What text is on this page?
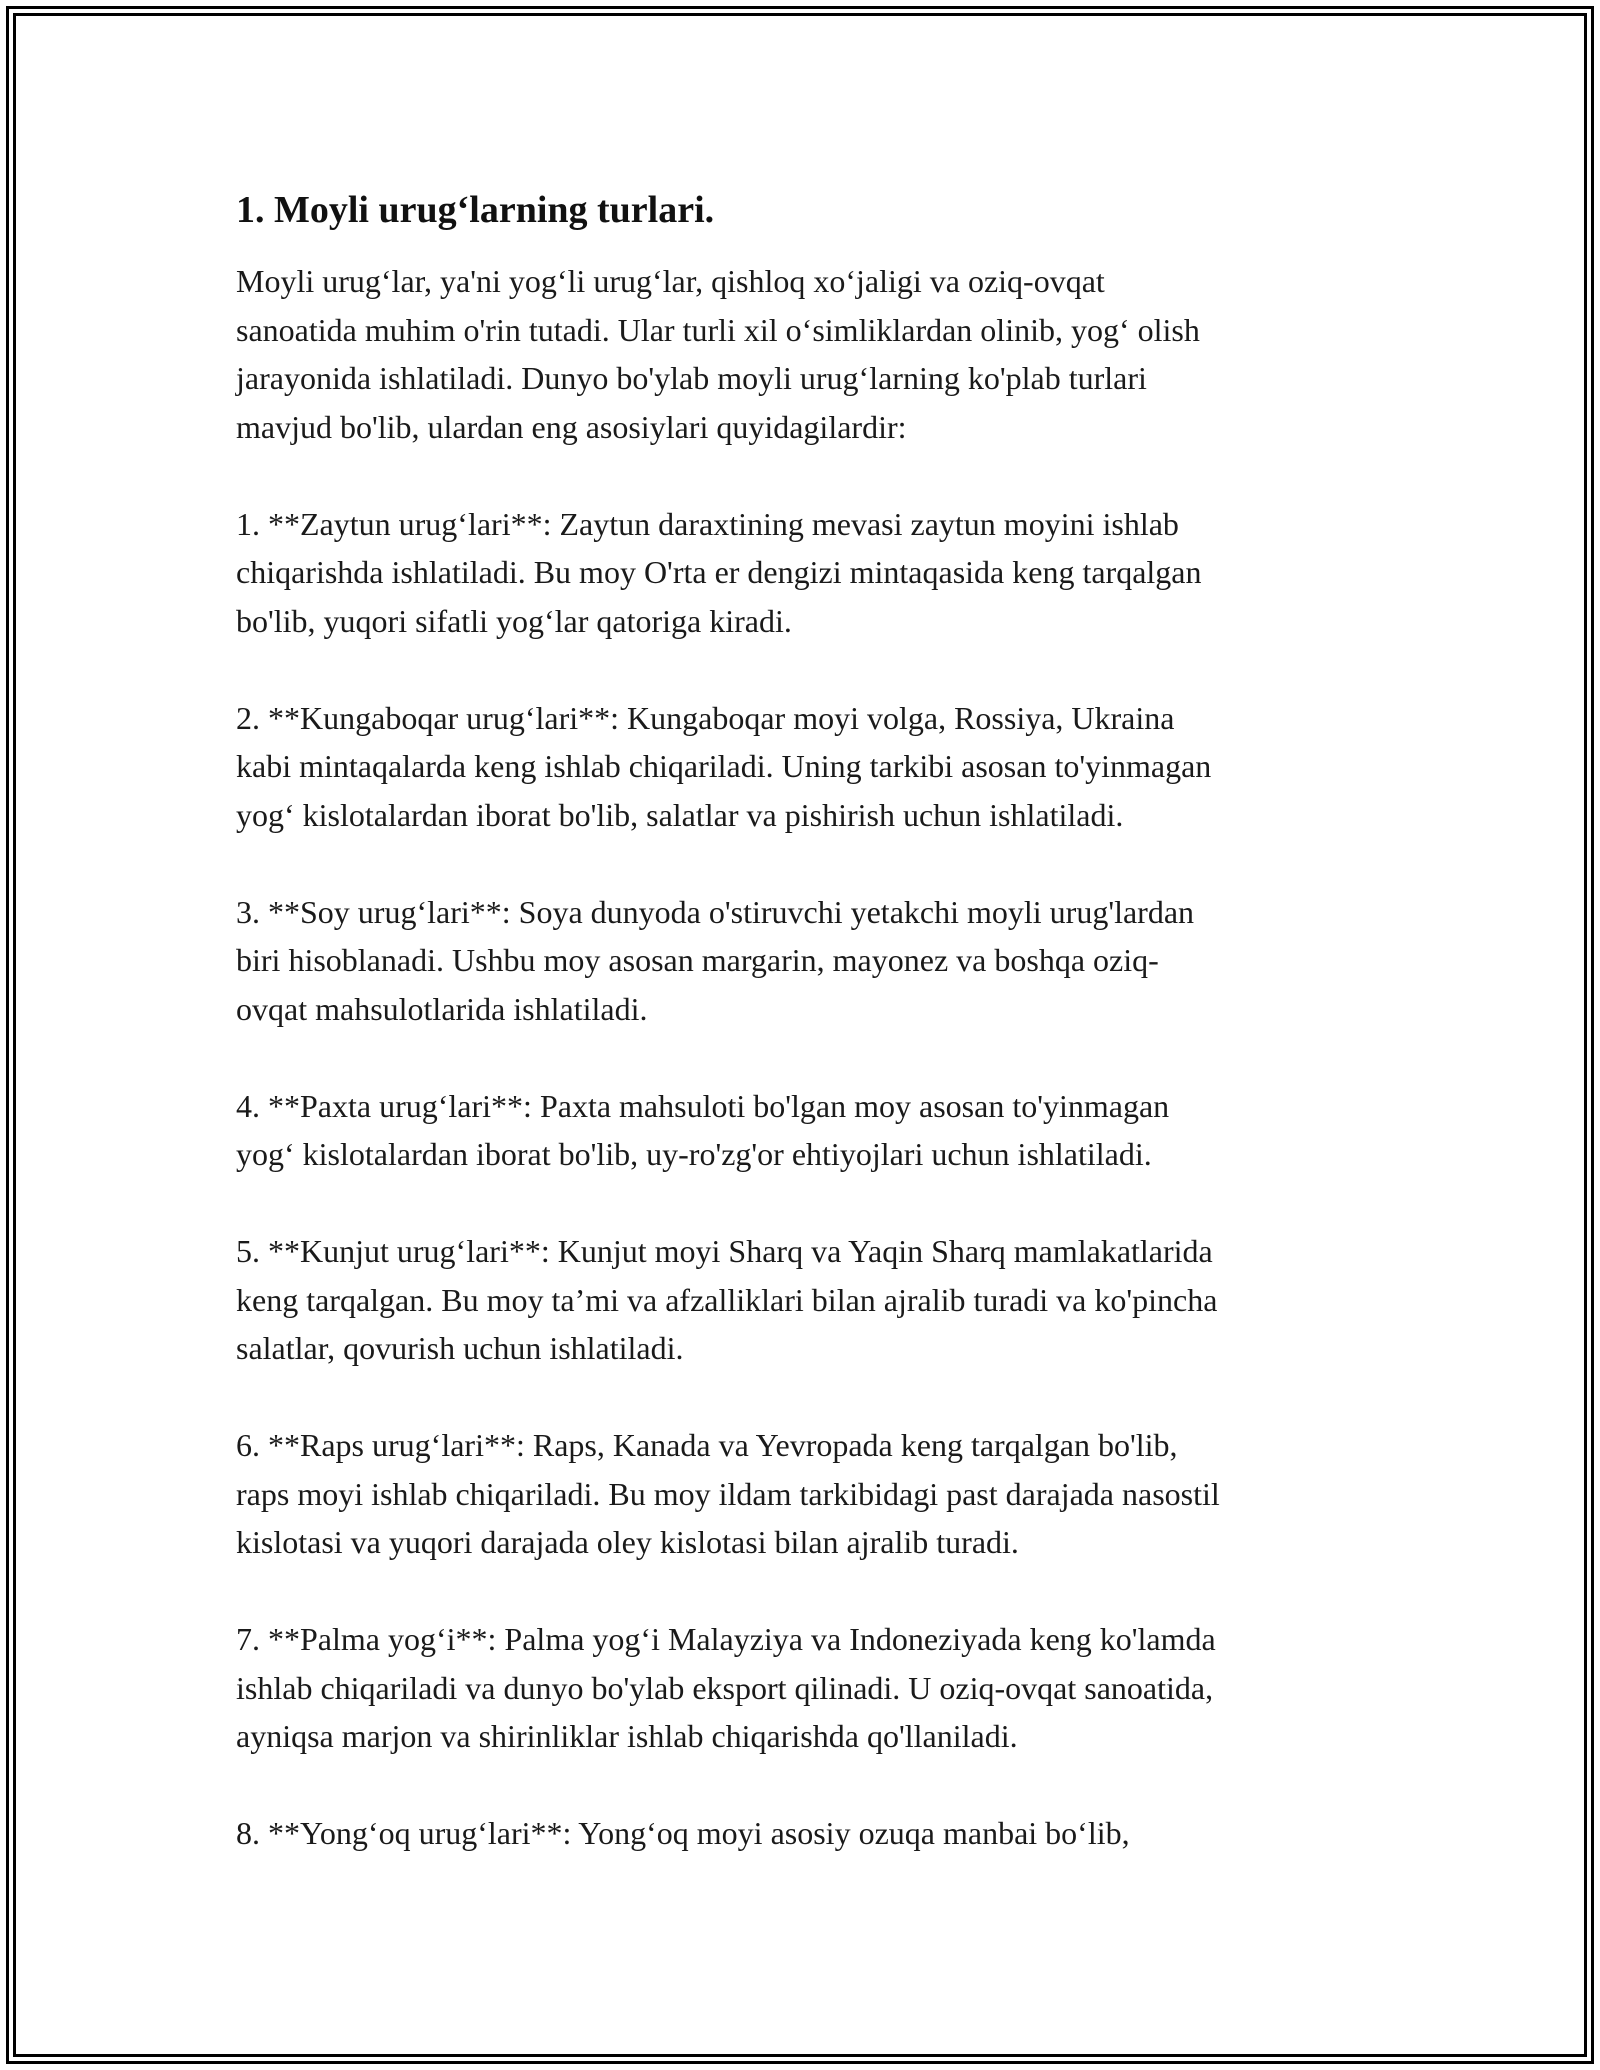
1. Moyli urug‘larning turlari.
Moyli urug‘lar, ya'ni yog‘li urug‘lar, qishloq xo‘jaligi va oziq-ovqat
sanoatida muhim o'rin tutadi. Ular turli xil o‘simliklardan olinib, yog‘ olish
jarayonida ishlatiladi. Dunyo bo'ylab moyli urug‘larning ko'plab turlari
mavjud bo'lib, ulardan eng asosiylari quyidagilardir:
1. **Zaytun urug‘lari**: Zaytun daraxtining mevasi zaytun moyini ishlab
chiqarishda ishlatiladi. Bu moy O'rta er dengizi mintaqasida keng tarqalgan
bo'lib, yuqori sifatli yog‘lar qatoriga kiradi.
2. **Kungaboqar urug‘lari**: Kungaboqar moyi volga, Rossiya, Ukraina
kabi mintaqalarda keng ishlab chiqariladi. Uning tarkibi asosan to'yinmagan
yog‘ kislotalardan iborat bo'lib, salatlar va pishirish uchun ishlatiladi.
3. **Soy urug‘lari**: Soya dunyoda o'stiruvchi yetakchi moyli urug'lardan
biri hisoblanadi. Ushbu moy asosan margarin, mayonez va boshqa oziq-
ovqat mahsulotlarida ishlatiladi.
4. **Paxta urug‘lari**: Paxta mahsuloti bo'lgan moy asosan to'yinmagan
yog‘ kislotalardan iborat bo'lib, uy-ro'zg'or ehtiyojlari uchun ishlatiladi.
5. **Kunjut urug‘lari**: Kunjut moyi Sharq va Yaqin Sharq mamlakatlarida
keng tarqalgan. Bu moy ta’mi va afzalliklari bilan ajralib turadi va ko'pincha
salatlar, qovurish uchun ishlatiladi.
6. **Raps urug‘lari**: Raps, Kanada va Yevropada keng tarqalgan bo'lib,
raps moyi ishlab chiqariladi. Bu moy ildam tarkibidagi past darajada nasostil
kislotasi va yuqori darajada oley kislotasi bilan ajralib turadi.
7. **Palma yog‘i**: Palma yog‘i Malayziya va Indoneziyada keng ko'lamda
ishlab chiqariladi va dunyo bo'ylab eksport qilinadi. U oziq-ovqat sanoatida,
ayniqsa marjon va shirinliklar ishlab chiqarishda qo'llaniladi.
8. **Yong‘oq urug‘lari**: Yong‘oq moyi asosiy ozuqa manbai bo‘lib,
